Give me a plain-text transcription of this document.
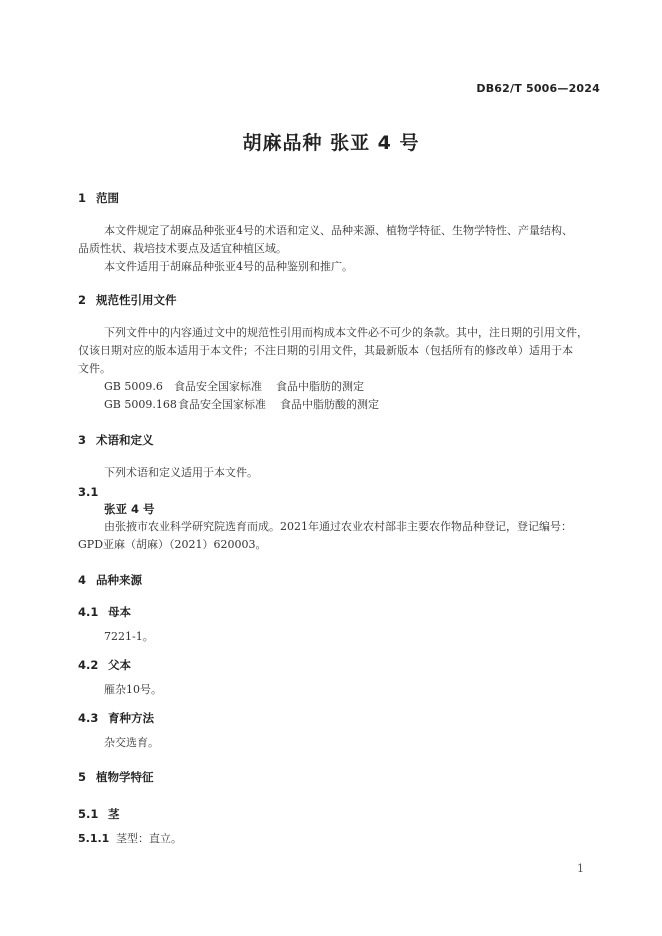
DB62/T 5006—2024
胡麻品种 张亚 4 号
1 范围
本文件规定了胡麻品种张亚4号的术语和定义、品种来源、植物学特征、生物学特性、产量结构、
品质性状、栽培技术要点及适宜种植区域。
本文件适用于胡麻品种张亚4号的品种鉴别和推广。
2 规范性引用文件
下列文件中的内容通过文中的规范性引用而构成本文件必不可少的条款。其中，注日期的引用文件，
仅该日期对应的版本适用于本文件；不注日期的引用文件，其最新版本（包括所有的修改单）适用于本
文件。
GB 5009.6 食品安全国家标准 食品中脂肪的测定
GB 5009.168食品安全国家标准 食品中脂肪酸的测定
3 术语和定义
下列术语和定义适用于本文件。
3.1
张亚 4 号
由张掖市农业科学研究院选育而成。2021年通过农业农村部非主要农作物品种登记，登记编号：
GPD亚麻（胡麻）（2021）620003。
4 品种来源
4.1 母本
7221-1。
4.2 父本
雁杂10号。
4.3 育种方法
杂交选育。
5 植物学特征
5.1 茎
5.1.1 茎型：直立。
1
